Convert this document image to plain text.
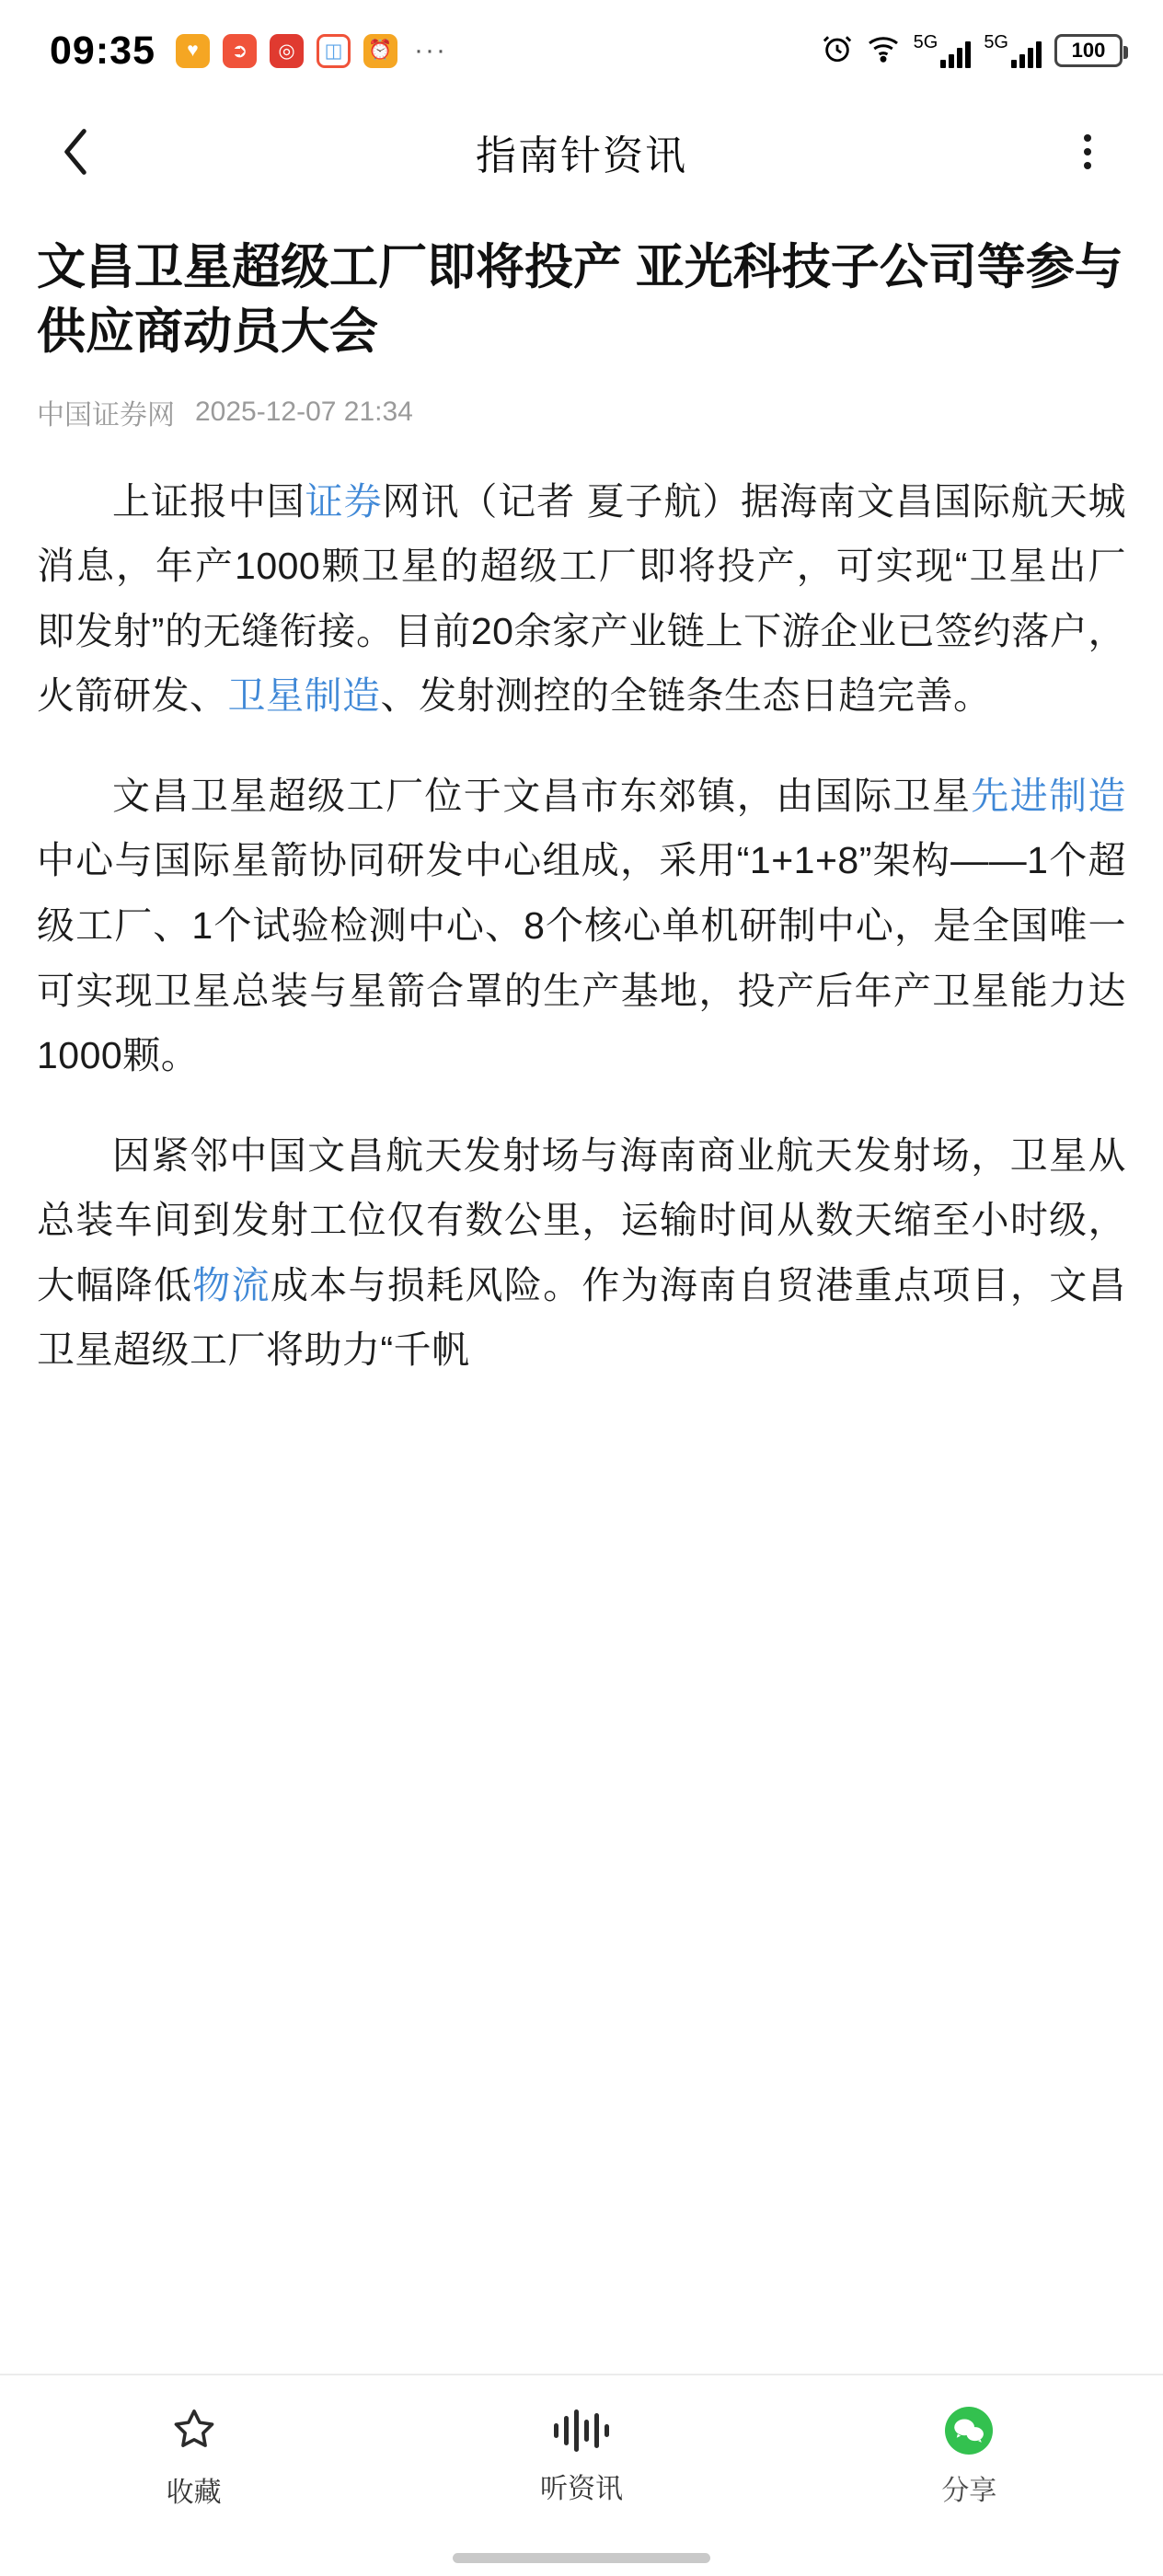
09:35	♥	➲	◎	◫	⏰ ···	5G	5G	100
指南针资讯
文昌卫星超级工厂即将投产 亚光科技子公司等参与供应商动员大会
中国证券网 2025-12-07 21:34
上证报中国证券网讯（记者 夏子航）据海南文昌国际航天城消息，年产1000颗卫星的超级工厂即将投产，可实现“卫星出厂即发射”的无缝衔接。目前20余家产业链上下游企业已签约落户，火箭研发、卫星制造、发射测控的全链条生态日趋完善。
文昌卫星超级工厂位于文昌市东郊镇，由国际卫星先进制造中心与国际星箭协同研发中心组成，采用“1+1+8”架构——1个超级工厂、1个试验检测中心、8个核心单机研制中心，是全国唯一可实现卫星总装与星箭合罩的生产基地，投产后年产卫星能力达1000颗。
因紧邻中国文昌航天发射场与海南商业航天发射场，卫星从总装车间到发射工位仅有数公里，运输时间从数天缩至小时级，大幅降低物流成本与损耗风险。作为海南自贸港重点项目，文昌卫星超级工厂将助力“千帆
收藏	听资讯	分享
